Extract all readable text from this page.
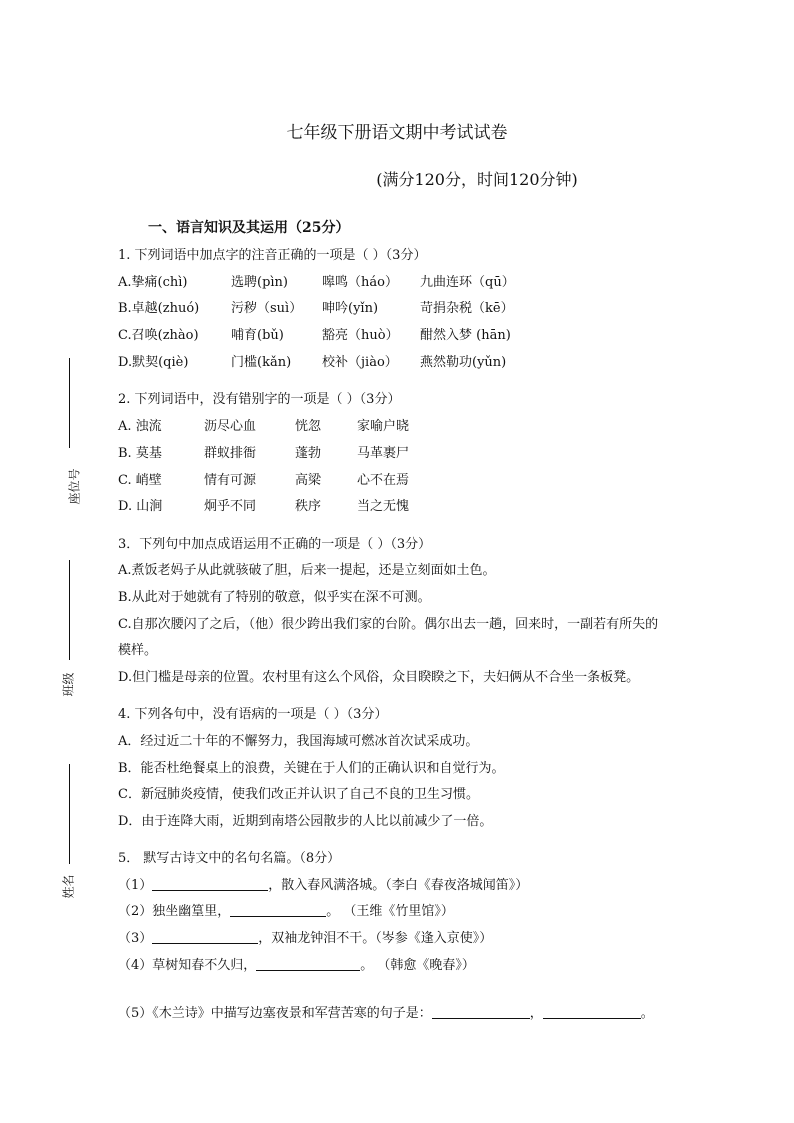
七年级下册语文期中考试试卷
(满分120分，时间120分钟)
一、语言知识及其运用（25分）
座位号
班级
姓名
1. 下列词语中加点字的注音正确的一项是（ ）（3分）
A.挚痛(chì)	选聘(pìn)	嗥鸣（háo） 九曲连环（qū）
B.卓越(zhuó) 污秽（suì） 呻吟(yǐn)	苛捐杂税（kē）
C.召唤(zhào) 哺育(bǔ)	豁亮（huò） 酣然入梦 (hān)
D.默契(qiè)	门槛(kǎn) 校补（jiào） 燕然勒功(yǔn)
2. 下列词语中，没有错别字的一项是（ ）（3分）
A. 浊流	沥尽心血	恍忽	家喻户晓
B. 莫基	群蚁排衙	蓬勃	马革裹尸
C. 峭壁	情有可源	高梁	心不在焉
D. 山涧	炯乎不同	秩序	当之无愧
3．下列句中加点成语运用不正确的一项是（ ）（3分）
A.煮饭老妈子从此就骇破了胆，后来一提起，还是立刻面如土色。
B.从此对于她就有了特别的敬意，似乎实在深不可测。
C.自那次腰闪了之后，（他）很少跨出我们家的台阶。偶尔出去一趟，回来时，一副若有所失的
模样。
D.但门槛是母亲的位置。农村里有这么个风俗，众目睽睽之下，夫妇俩从不合坐一条板凳。
4. 下列各句中，没有语病的一项是（ ）（3分）
A．经过近二十年的不懈努力，我国海域可燃冰首次试采成功。
B．能否杜绝餐桌上的浪费，关键在于人们的正确认识和自觉行为。
C．新冠肺炎疫情，使我们改正并认识了自己不良的卫生习惯。
D．由于连降大雨，近期到南塔公园散步的人比以前减少了一倍。
5． 默写古诗文中的名句名篇。（8分）
（1）	，散入春风满洛城。（李白《春夜洛城闻笛》）
（2）独坐幽篁里，	。 （王维《竹里馆》）
（3）	，双袖龙钟泪不干。（岑参《逢入京使》）
（4）草树知春不久归，	。 （韩愈《晚春》）
（5）《木兰诗》中描写边塞夜景和军营苦寒的句子是：	，	。
